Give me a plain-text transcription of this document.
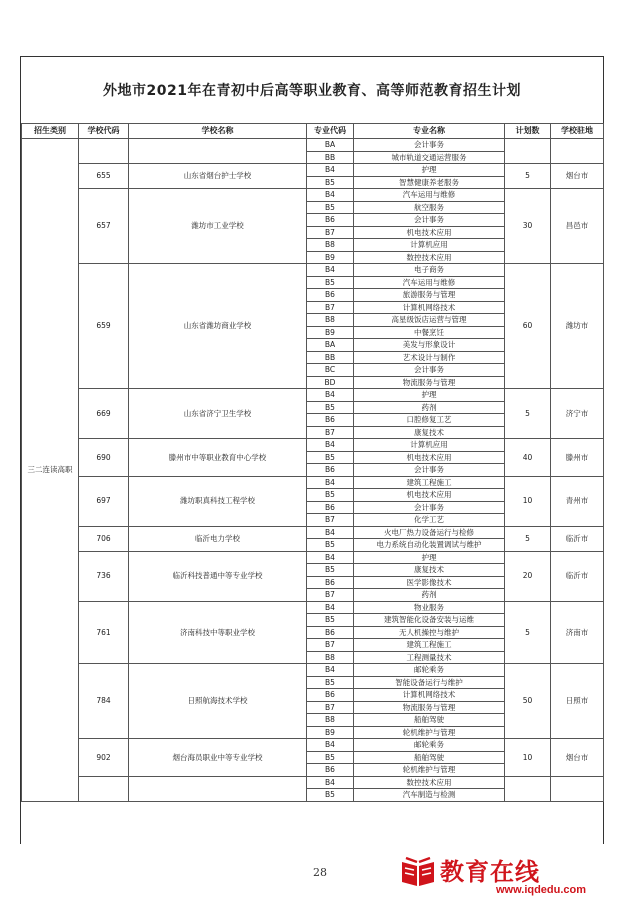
外地市2021年在青初中后高等职业教育、高等师范教育招生计划
招生类别	学校代码	学校名称	专业代码	专业名称	计划数	学校驻地
三二连读高职			BA	会计事务		
			BB	城市轨道交通运营服务		
	655	山东省烟台护士学校	B4	护理	5	烟台市
			B5	智慧健康养老服务		
	657	潍坊市工业学校	B4	汽车运用与维修	30	昌邑市
			B5	航空服务		
			B6	会计事务		
			B7	机电技术应用		
			B8	计算机应用		
			B9	数控技术应用		
	659	山东省潍坊商业学校	B4	电子商务	60	潍坊市
			B5	汽车运用与维修		
			B6	旅游服务与管理		
			B7	计算机网络技术		
			B8	高星级饭店运营与管理		
			B9	中餐烹饪		
			BA	美发与形象设计		
			BB	艺术设计与制作		
			BC	会计事务		
			BD	物流服务与管理		
	669	山东省济宁卫生学校	B4	护理	5	济宁市
			B5	药剂		
			B6	口腔修复工艺		
			B7	康复技术		
	690	滕州市中等职业教育中心学校	B4	计算机应用	40	滕州市
			B5	机电技术应用		
			B6	会计事务		
	697	潍坊职真科技工程学校	B4	建筑工程施工	10	青州市
			B5	机电技术应用		
			B6	会计事务		
			B7	化学工艺		
	706	临沂电力学校	B4	火电厂热力设备运行与检修	5	临沂市
			B5	电力系统自动化装置调试与维护		
	736	临沂科技普通中等专业学校	B4	护理	20	临沂市
			B5	康复技术		
			B6	医学影像技术		
			B7	药剂		
	761	济南科技中等职业学校	B4	物业服务	5	济南市
			B5	建筑智能化设备安装与运维		
			B6	无人机操控与维护		
			B7	建筑工程施工		
			B8	工程测量技术		
	784	日照航海技术学校	B4	邮轮乘务	50	日照市
			B5	智能设备运行与维护		
			B6	计算机网络技术		
			B7	物流服务与管理		
			B8	船舶驾驶		
			B9	轮机维护与管理		
	902	烟台海员职业中等专业学校	B4	邮轮乘务	10	烟台市
			B5	船舶驾驶		
			B6	轮机维护与管理		
			B4	数控技术应用		
			B5	汽车制造与检测		
28	教育在线
www.iqdedu.com
